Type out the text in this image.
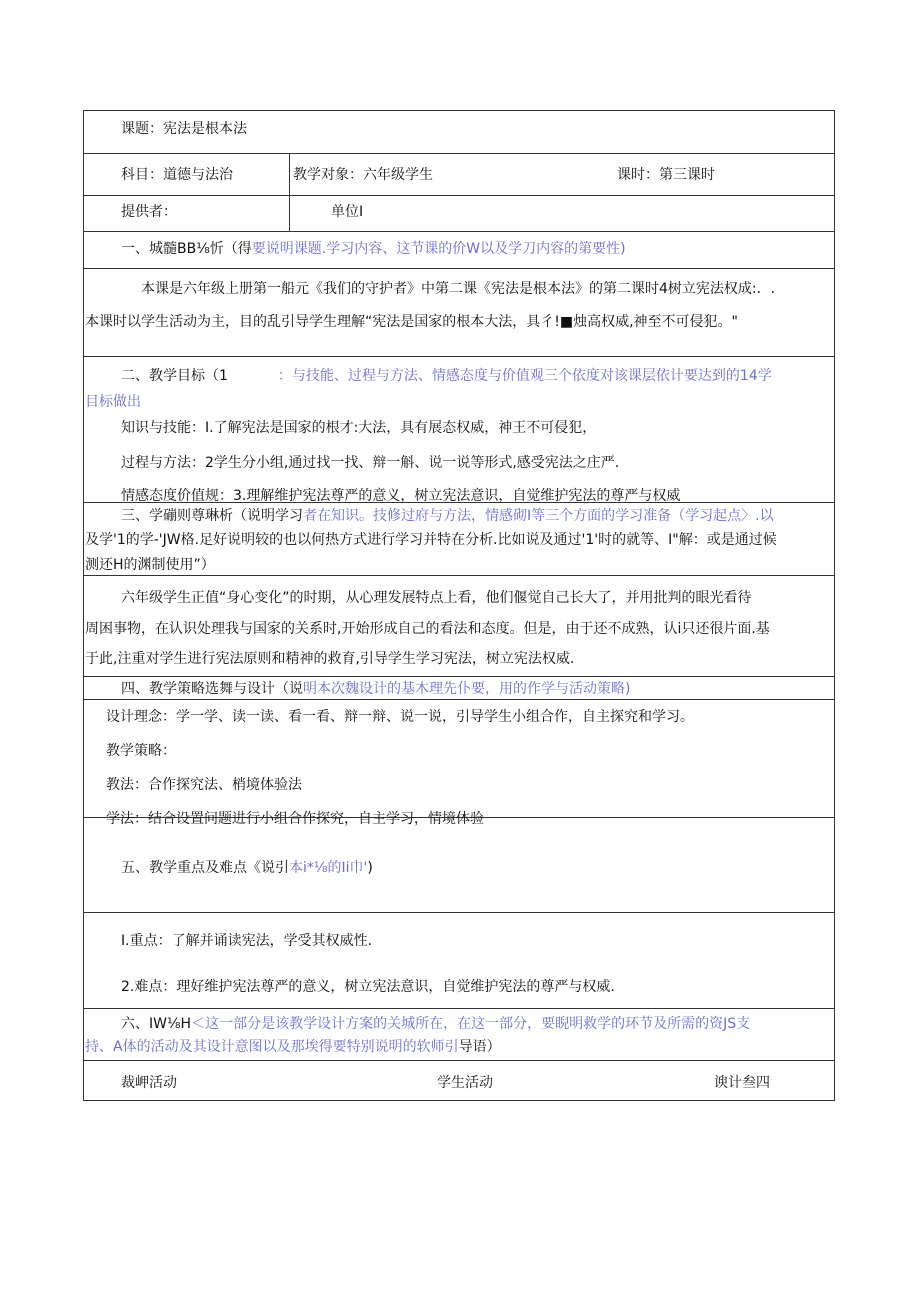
课题：宪法是根本法
科目：道德与法治	教学对象：六年级学生	课时：第三课时
提供者：	单位I
一、城髓BB⅛忻（得要说明课题.学习内容、这节课的价W以及学刀内容的第要性)
本课是六年级上册第一船元《我们的守护者》中第二课《宪法是根本法》的第二课时4树立宪法权成:．.
本课时以学生活动为主，目的乱引导学生理解“宪法是国家的根本大法，具彳!■烛高权威,神至不可侵犯。"
二、教学目标（1	：与技能、过程与方法、情感态度与价值观三个依度对该课层依计要达到的14学
目标做出
知识与技能：I.了解宪法是国家的根才:大法，具有展态权威，神王不可侵犯，
过程与方法：2学生分小组,通过找一找、辩一斛、说一说等形式,感受宪法之庄严.
情感态度价值规：3.理解维护宪法尊严的意义，树立宪法意识，自觉维护宪法的尊严与权威
三、学磞则尊琳析（说明学习者在知识。技修过府与方法，情感砌I等三个方面的学习准备（学习起点〉.以
及学'1的学-'JW格.足好说明较的也以何热方式进行学习并特在分析.比如说及通过'1'时的就等、I"解：或是通过候
测还H的渊制使用”）
六年级学生正值“身心变化”的时期，从心理发展特点上看，他们偃觉自己长大了，并用批判的眼光看待
周困事物，在认识处理我与国家的关系时,开始形成自己的看法和态度。但是，由于还不成熟，认i只还很片面.基
于此,注重对学生进行宪法原则和精神的救育,引导学生学习宪法，树立宪法权威.
四、教学策略选舞与设计（说明本次魏设计的基木理先仆要，用的作学与活动策略)
设计理念：学一学、读一读、看一看、辩一辩、说一说，引导学生小组合作，自主探究和学习。
教学策略：
教法：合作探究法、梢境体验法
学法：结合设置问题进行小组合作探究，自主学习，情境体验
五、教学重点及难点《说引本i*⅛的Ii巾')
I.重点：了解并诵读宪法，学受其权威性.
2.难点：理好维护宪法尊严的意义，树立宪法意识，自觉维护宪法的尊严与权威.
六、IW⅛H＜这一部分是该教学设计方案的关城所在，在这一部分，要睨明救学的环节及所需的资JS支
持、A体的活动及其设计意图以及那埃得要特别说明的软师引导语）
裁岬活动	学生活动	谀计叁四
